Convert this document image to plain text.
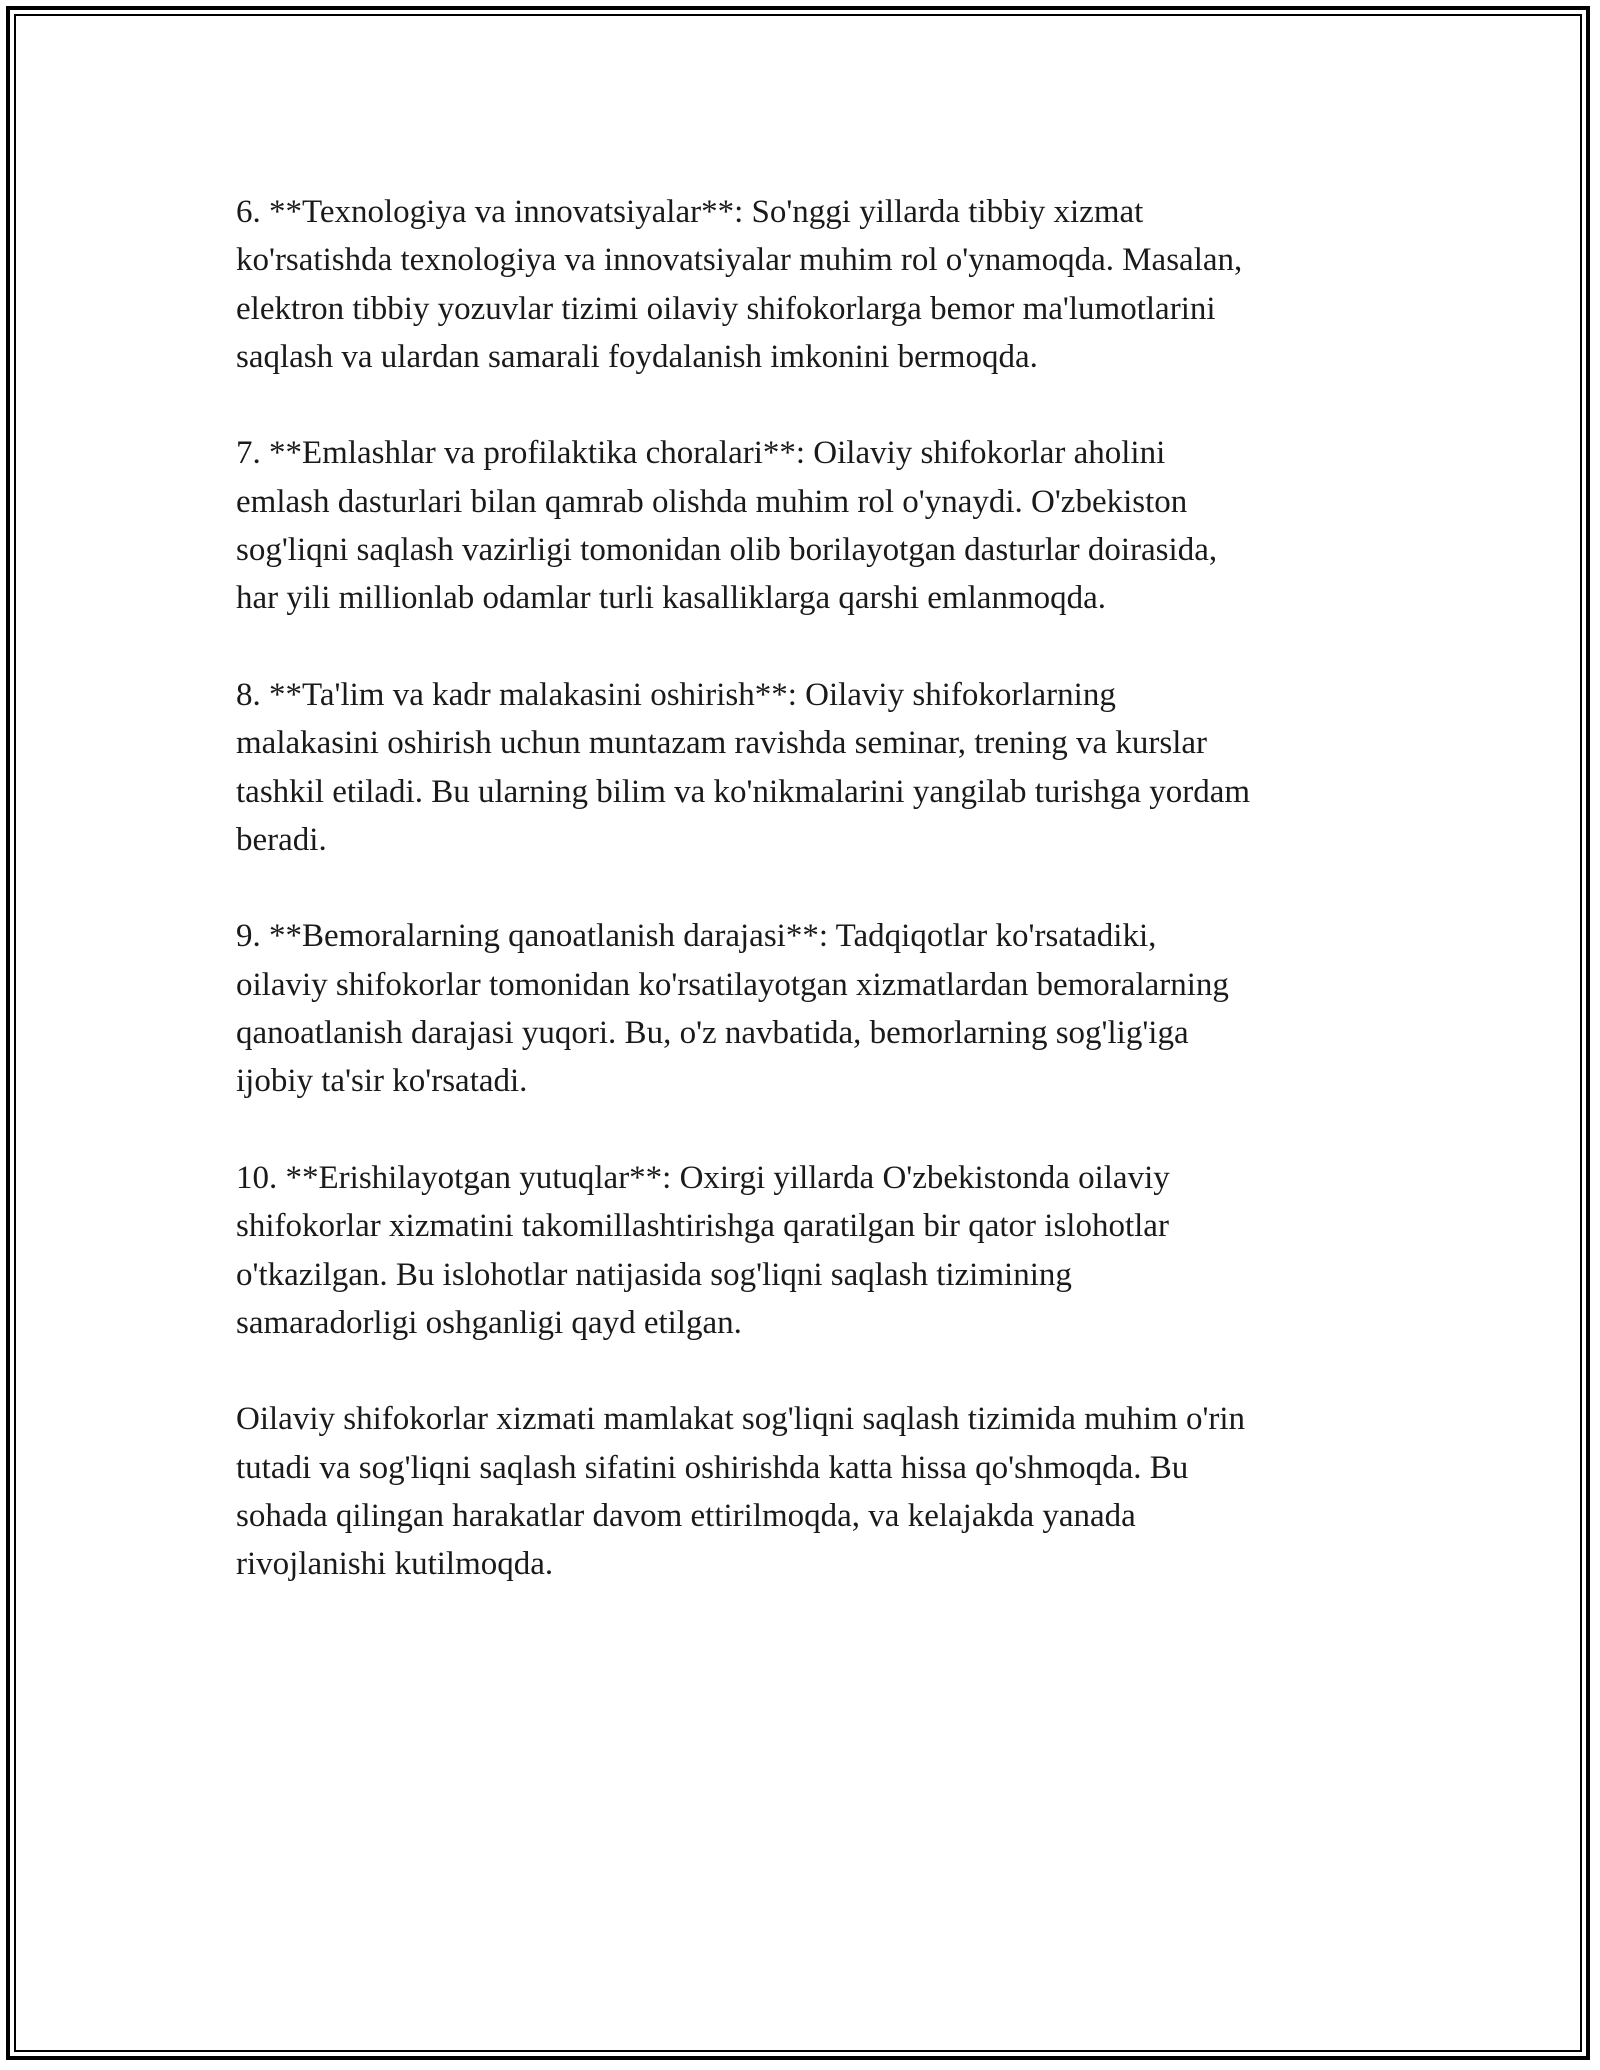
6. **Texnologiya va innovatsiyalar**: So'nggi yillarda tibbiy xizmat
ko'rsatishda texnologiya va innovatsiyalar muhim rol o'ynamoqda. Masalan,
elektron tibbiy yozuvlar tizimi oilaviy shifokorlarga bemor ma'lumotlarini
saqlash va ulardan samarali foydalanish imkonini bermoqda.

7. **Emlashlar va profilaktika choralari**: Oilaviy shifokorlar aholini
emlash dasturlari bilan qamrab olishda muhim rol o'ynaydi. O'zbekiston
sog'liqni saqlash vazirligi tomonidan olib borilayotgan dasturlar doirasida,
har yili millionlab odamlar turli kasalliklarga qarshi emlanmoqda.

8. **Ta'lim va kadr malakasini oshirish**: Oilaviy shifokorlarning
malakasini oshirish uchun muntazam ravishda seminar, trening va kurslar
tashkil etiladi. Bu ularning bilim va ko'nikmalarini yangilab turishga yordam
beradi.

9. **Bemoralarning qanoatlanish darajasi**: Tadqiqotlar ko'rsatadiki,
oilaviy shifokorlar tomonidan ko'rsatilayotgan xizmatlardan bemoralarning
qanoatlanish darajasi yuqori. Bu, o'z navbatida, bemorlarning sog'lig'iga
ijobiy ta'sir ko'rsatadi.

10. **Erishilayotgan yutuqlar**: Oxirgi yillarda O'zbekistonda oilaviy
shifokorlar xizmatini takomillashtirishga qaratilgan bir qator islohotlar
o'tkazilgan. Bu islohotlar natijasida sog'liqni saqlash tizimining
samaradorligi oshganligi qayd etilgan.

Oilaviy shifokorlar xizmati mamlakat sog'liqni saqlash tizimida muhim o'rin
tutadi va sog'liqni saqlash sifatini oshirishda katta hissa qo'shmoqda. Bu
sohada qilingan harakatlar davom ettirilmoqda, va kelajakda yanada
rivojlanishi kutilmoqda.
